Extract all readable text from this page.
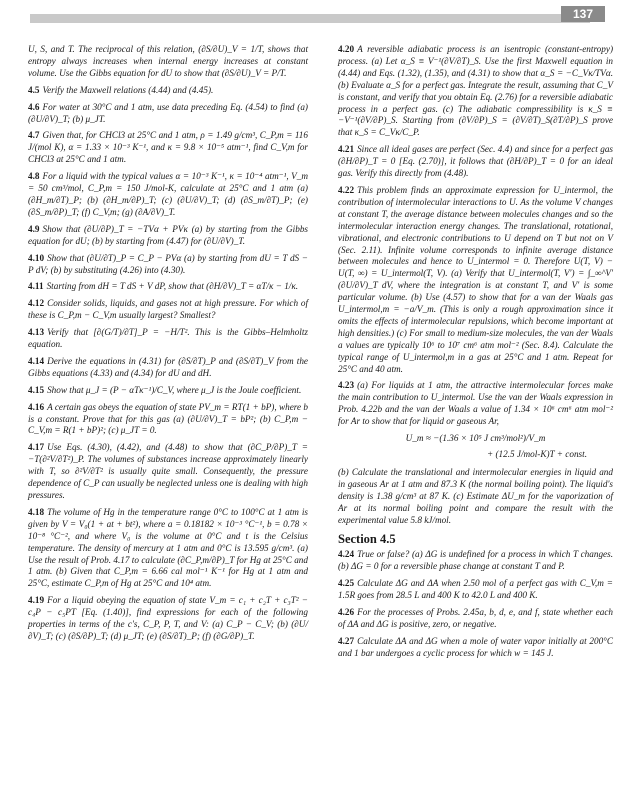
137

U, S, and T. The reciprocal of this relation, (∂S/∂U)_V = 1/T, shows that entropy always increases when internal energy increases at constant volume. Use the Gibbs equation for dU to show that (∂S/∂U)_V = P/T.

4.5 Verify the Maxwell relations (4.44) and (4.45).

4.6 For water at 30°C and 1 atm, use data preceding Eq. (4.54) to find (a) (∂U/∂V)_T; (b) μ_JT.

4.7 Given that, for CHCl3 at 25°C and 1 atm, ρ = 1.49 g/cm³, C_P,m = 116 J/(mol K), α = 1.33 × 10⁻³ K⁻¹, and κ = 9.8 × 10⁻⁵ atm⁻¹, find C_V,m for CHCl3 at 25°C and 1 atm.

4.8 For a liquid with the typical values α = 10⁻³ K⁻¹, κ = 10⁻⁴ atm⁻¹, V_m = 50 cm³/mol, C_P,m = 150 J/mol-K, calculate at 25°C and 1 atm (a) (∂H_m/∂T)_P; (b) (∂H_m/∂P)_T; (c) (∂U/∂V)_T; (d) (∂S_m/∂T)_P; (e) (∂S_m/∂P)_T; (f) C_V,m; (g) (∂A/∂V)_T.

4.9 Show that (∂U/∂P)_T = −TVα + PVκ (a) by starting from the Gibbs equation for dU; (b) by starting from (4.47) for (∂U/∂V)_T.

4.10 Show that (∂U/∂T)_P = C_P − PVα (a) by starting from dU = T dS − P dV; (b) by substituting (4.26) into (4.30).

4.11 Starting from dH = T dS + V dP, show that (∂H/∂V)_T = αT/κ − 1/κ.

4.12 Consider solids, liquids, and gases not at high pressure. For which of these is C_P,m − C_V,m usually largest? Smallest?

4.13 Verify that [∂(G/T)/∂T]_P = −H/T². This is the Gibbs–Helmholtz equation.

4.14 Derive the equations in (4.31) for (∂S/∂T)_P and (∂S/∂T)_V from the Gibbs equations (4.33) and (4.34) for dU and dH.

4.15 Show that μ_J = (P − αTκ⁻¹)/C_V, where μ_J is the Joule coefficient.

4.16 A certain gas obeys the equation of state PV_m = RT(1 + bP), where b is a constant. Prove that for this gas (a) (∂U/∂V)_T = bP²; (b) C_P,m − C_V,m = R(1 + bP)²; (c) μ_JT = 0.

4.17 Use Eqs. (4.30), (4.42), and (4.48) to show that (∂C_P/∂P)_T = −T(∂²V/∂T²)_P. The volumes of substances increase approximately linearly with T, so ∂²V/∂T² is usually quite small. Consequently, the pressure dependence of C_P can usually be neglected unless one is dealing with high pressures.

4.18 The volume of Hg in the temperature range 0°C to 100°C at 1 atm is given by V = V₀(1 + at + bt²), where a = 0.18182 × 10⁻³ °C⁻¹, b = 0.78 × 10⁻⁸ °C⁻², and where V₀ is the volume at 0°C and t is the Celsius temperature. The density of mercury at 1 atm and 0°C is 13.595 g/cm³. (a) Use the result of Prob. 4.17 to calculate (∂C_P,m/∂P)_T for Hg at 25°C and 1 atm. (b) Given that C_P,m = 6.66 cal mol⁻¹ K⁻¹ for Hg at 1 atm and 25°C, estimate C_P,m of Hg at 25°C and 10⁴ atm.

4.19 For a liquid obeying the equation of state V_m = c₁ + c₂T + c₃T² − c₄P − c₅PT [Eq. (1.40)], find expressions for each of the following properties in terms of the c's, C_P, P, T, and V: (a) C_P − C_V; (b) (∂U/∂V)_T; (c) (∂S/∂P)_T; (d) μ_JT; (e) (∂S/∂T)_P; (f) (∂G/∂P)_T.

4.20 A reversible adiabatic process is an isentropic (constant-entropy) process. (a) Let α_S ≡ V⁻¹(∂V/∂T)_S. Use the first Maxwell equation in (4.44) and Eqs. (1.32), (1.35), and (4.31) to show that α_S = −C_Vκ/TVα. (b) Evaluate α_S for a perfect gas. Integrate the result, assuming that C_V is constant, and verify that you obtain Eq. (2.76) for a reversible adiabatic process in a perfect gas. (c) The adiabatic compressibility is κ_S ≡ −V⁻¹(∂V/∂P)_S. Starting from (∂V/∂P)_S = (∂V/∂T)_S(∂T/∂P)_S prove that κ_S = C_Vκ/C_P.

4.21 Since all ideal gases are perfect (Sec. 4.4) and since for a perfect gas (∂H/∂P)_T = 0 [Eq. (2.70)], it follows that (∂H/∂P)_T = 0 for an ideal gas. Verify this directly from (4.48).

4.22 This problem finds an approximate expression for U_intermol, the contribution of intermolecular interactions to U. As the volume V changes at constant T, the average distance between molecules changes and so the intermolecular interaction energy changes. The translational, rotational, vibrational, and electronic contributions to U depend on T but not on V (Sec. 2.11). Infinite volume corresponds to infinite average distance between molecules and hence to U_intermol = 0. Therefore U(T, V) − U(T, ∞) = U_intermol(T, V). (a) Verify that U_intermol(T, V′) = ∫_∞^V′ (∂U/∂V)_T dV, where the integration is at constant T, and V′ is some particular volume. (b) Use (4.57) to show that for a van der Waals gas U_intermol,m = −a/V_m. (This is only a rough approximation since it omits the effects of intermolecular repulsions, which become important at high densities.) (c) For small to medium-size molecules, the van der Waals a values are typically 10⁶ to 10⁷ cm⁶ atm mol⁻² (Sec. 8.4). Calculate the typical range of U_intermol,m in a gas at 25°C and 1 atm. Repeat for 25°C and 40 atm.

4.23 (a) For liquids at 1 atm, the attractive intermolecular forces make the main contribution to U_intermol. Use the van der Waals expression in Prob. 4.22b and the van der Waals a value of 1.34 × 10⁶ cm⁶ atm mol⁻² for Ar to show that for liquid or gaseous Ar,

U_m ≈ −(1.36 × 10⁵ J cm³/mol²)/V_m
+ (12.5 J/mol-K)T + const.

(b) Calculate the translational and intermolecular energies in liquid and in gaseous Ar at 1 atm and 87.3 K (the normal boiling point). The liquid's density is 1.38 g/cm³ at 87 K. (c) Estimate ΔU_m for the vaporization of Ar at its normal boiling point and compare the result with the experimental value 5.8 kJ/mol.

Section 4.5

4.24 True or false? (a) ΔG is undefined for a process in which T changes. (b) ΔG = 0 for a reversible phase change at constant T and P.

4.25 Calculate ΔG and ΔA when 2.50 mol of a perfect gas with C_V,m = 1.5R goes from 28.5 L and 400 K to 42.0 L and 400 K.

4.26 For the processes of Probs. 2.45a, b, d, e, and f, state whether each of ΔA and ΔG is positive, zero, or negative.

4.27 Calculate ΔA and ΔG when a mole of water vapor initially at 200°C and 1 bar undergoes a cyclic process for which w = 145 J.
